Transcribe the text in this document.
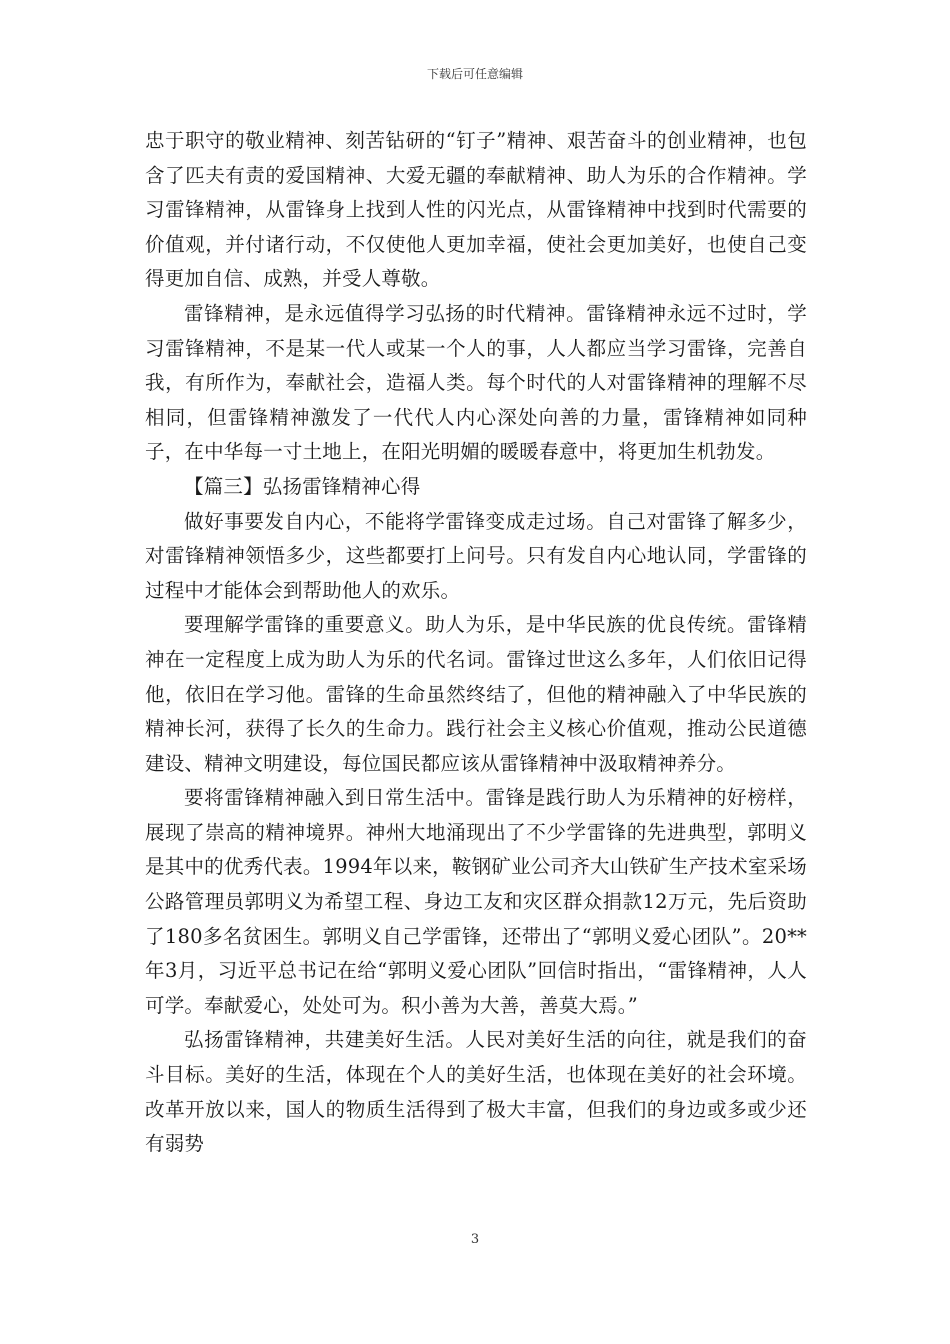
下载后可任意编辑

忠于职守的敬业精神、刻苦钻研的“钉子”精神、艰苦奋斗的创业精神，也包含了匹夫有责的爱国精神、大爱无疆的奉献精神、助人为乐的合作精神。学习雷锋精神，从雷锋身上找到人性的闪光点，从雷锋精神中找到时代需要的价值观，并付诸行动，不仅使他人更加幸福，使社会更加美好，也使自己变得更加自信、成熟，并受人尊敬。

雷锋精神，是永远值得学习弘扬的时代精神。雷锋精神永远不过时，学习雷锋精神，不是某一代人或某一个人的事，人人都应当学习雷锋，完善自我，有所作为，奉献社会，造福人类。每个时代的人对雷锋精神的理解不尽相同，但雷锋精神激发了一代代人内心深处向善的力量，雷锋精神如同种子，在中华每一寸土地上，在阳光明媚的暖暖春意中，将更加生机勃发。

【篇三】弘扬雷锋精神心得

做好事要发自内心，不能将学雷锋变成走过场。自己对雷锋了解多少，对雷锋精神领悟多少，这些都要打上问号。只有发自内心地认同，学雷锋的过程中才能体会到帮助他人的欢乐。

要理解学雷锋的重要意义。助人为乐，是中华民族的优良传统。雷锋精神在一定程度上成为助人为乐的代名词。雷锋过世这么多年，人们依旧记得他，依旧在学习他。雷锋的生命虽然终结了，但他的精神融入了中华民族的精神长河，获得了长久的生命力。践行社会主义核心价值观，推动公民道德建设、精神文明建设，每位国民都应该从雷锋精神中汲取精神养分。

要将雷锋精神融入到日常生活中。雷锋是践行助人为乐精神的好榜样，展现了崇高的精神境界。神州大地涌现出了不少学雷锋的先进典型，郭明义是其中的优秀代表。1994年以来，鞍钢矿业公司齐大山铁矿生产技术室采场公路管理员郭明义为希望工程、身边工友和灾区群众捐款12万元，先后资助了180多名贫困生。郭明义自己学雷锋，还带出了“郭明义爱心团队”。20**年3月，习近平总书记在给“郭明义爱心团队”回信时指出，“雷锋精神，人人可学。奉献爱心，处处可为。积小善为大善，善莫大焉。”

弘扬雷锋精神，共建美好生活。人民对美好生活的向往，就是我们的奋斗目标。美好的生活，体现在个人的美好生活，也体现在美好的社会环境。改革开放以来，国人的物质生活得到了极大丰富，但我们的身边或多或少还有弱势

3
